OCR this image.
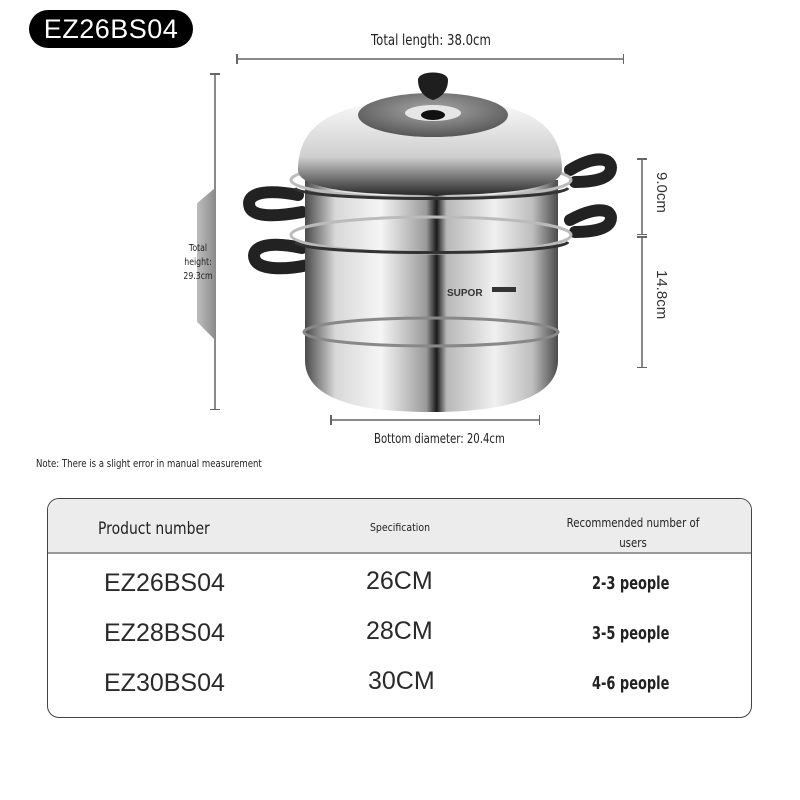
EZ26BS04	Total length: 38.0cm
Total
height:
29.3cm
9.0cm
14.8cm
SUPOR
Bottom diameter: 20.4cm
Note: There is a slight error in manual measurement
Product number	Specification	Recommended number of
users
EZ26BS04	26CM	2-3 people
EZ28BS04	28CM	3-5 people
EZ30BS04	30CM	4-6 people
